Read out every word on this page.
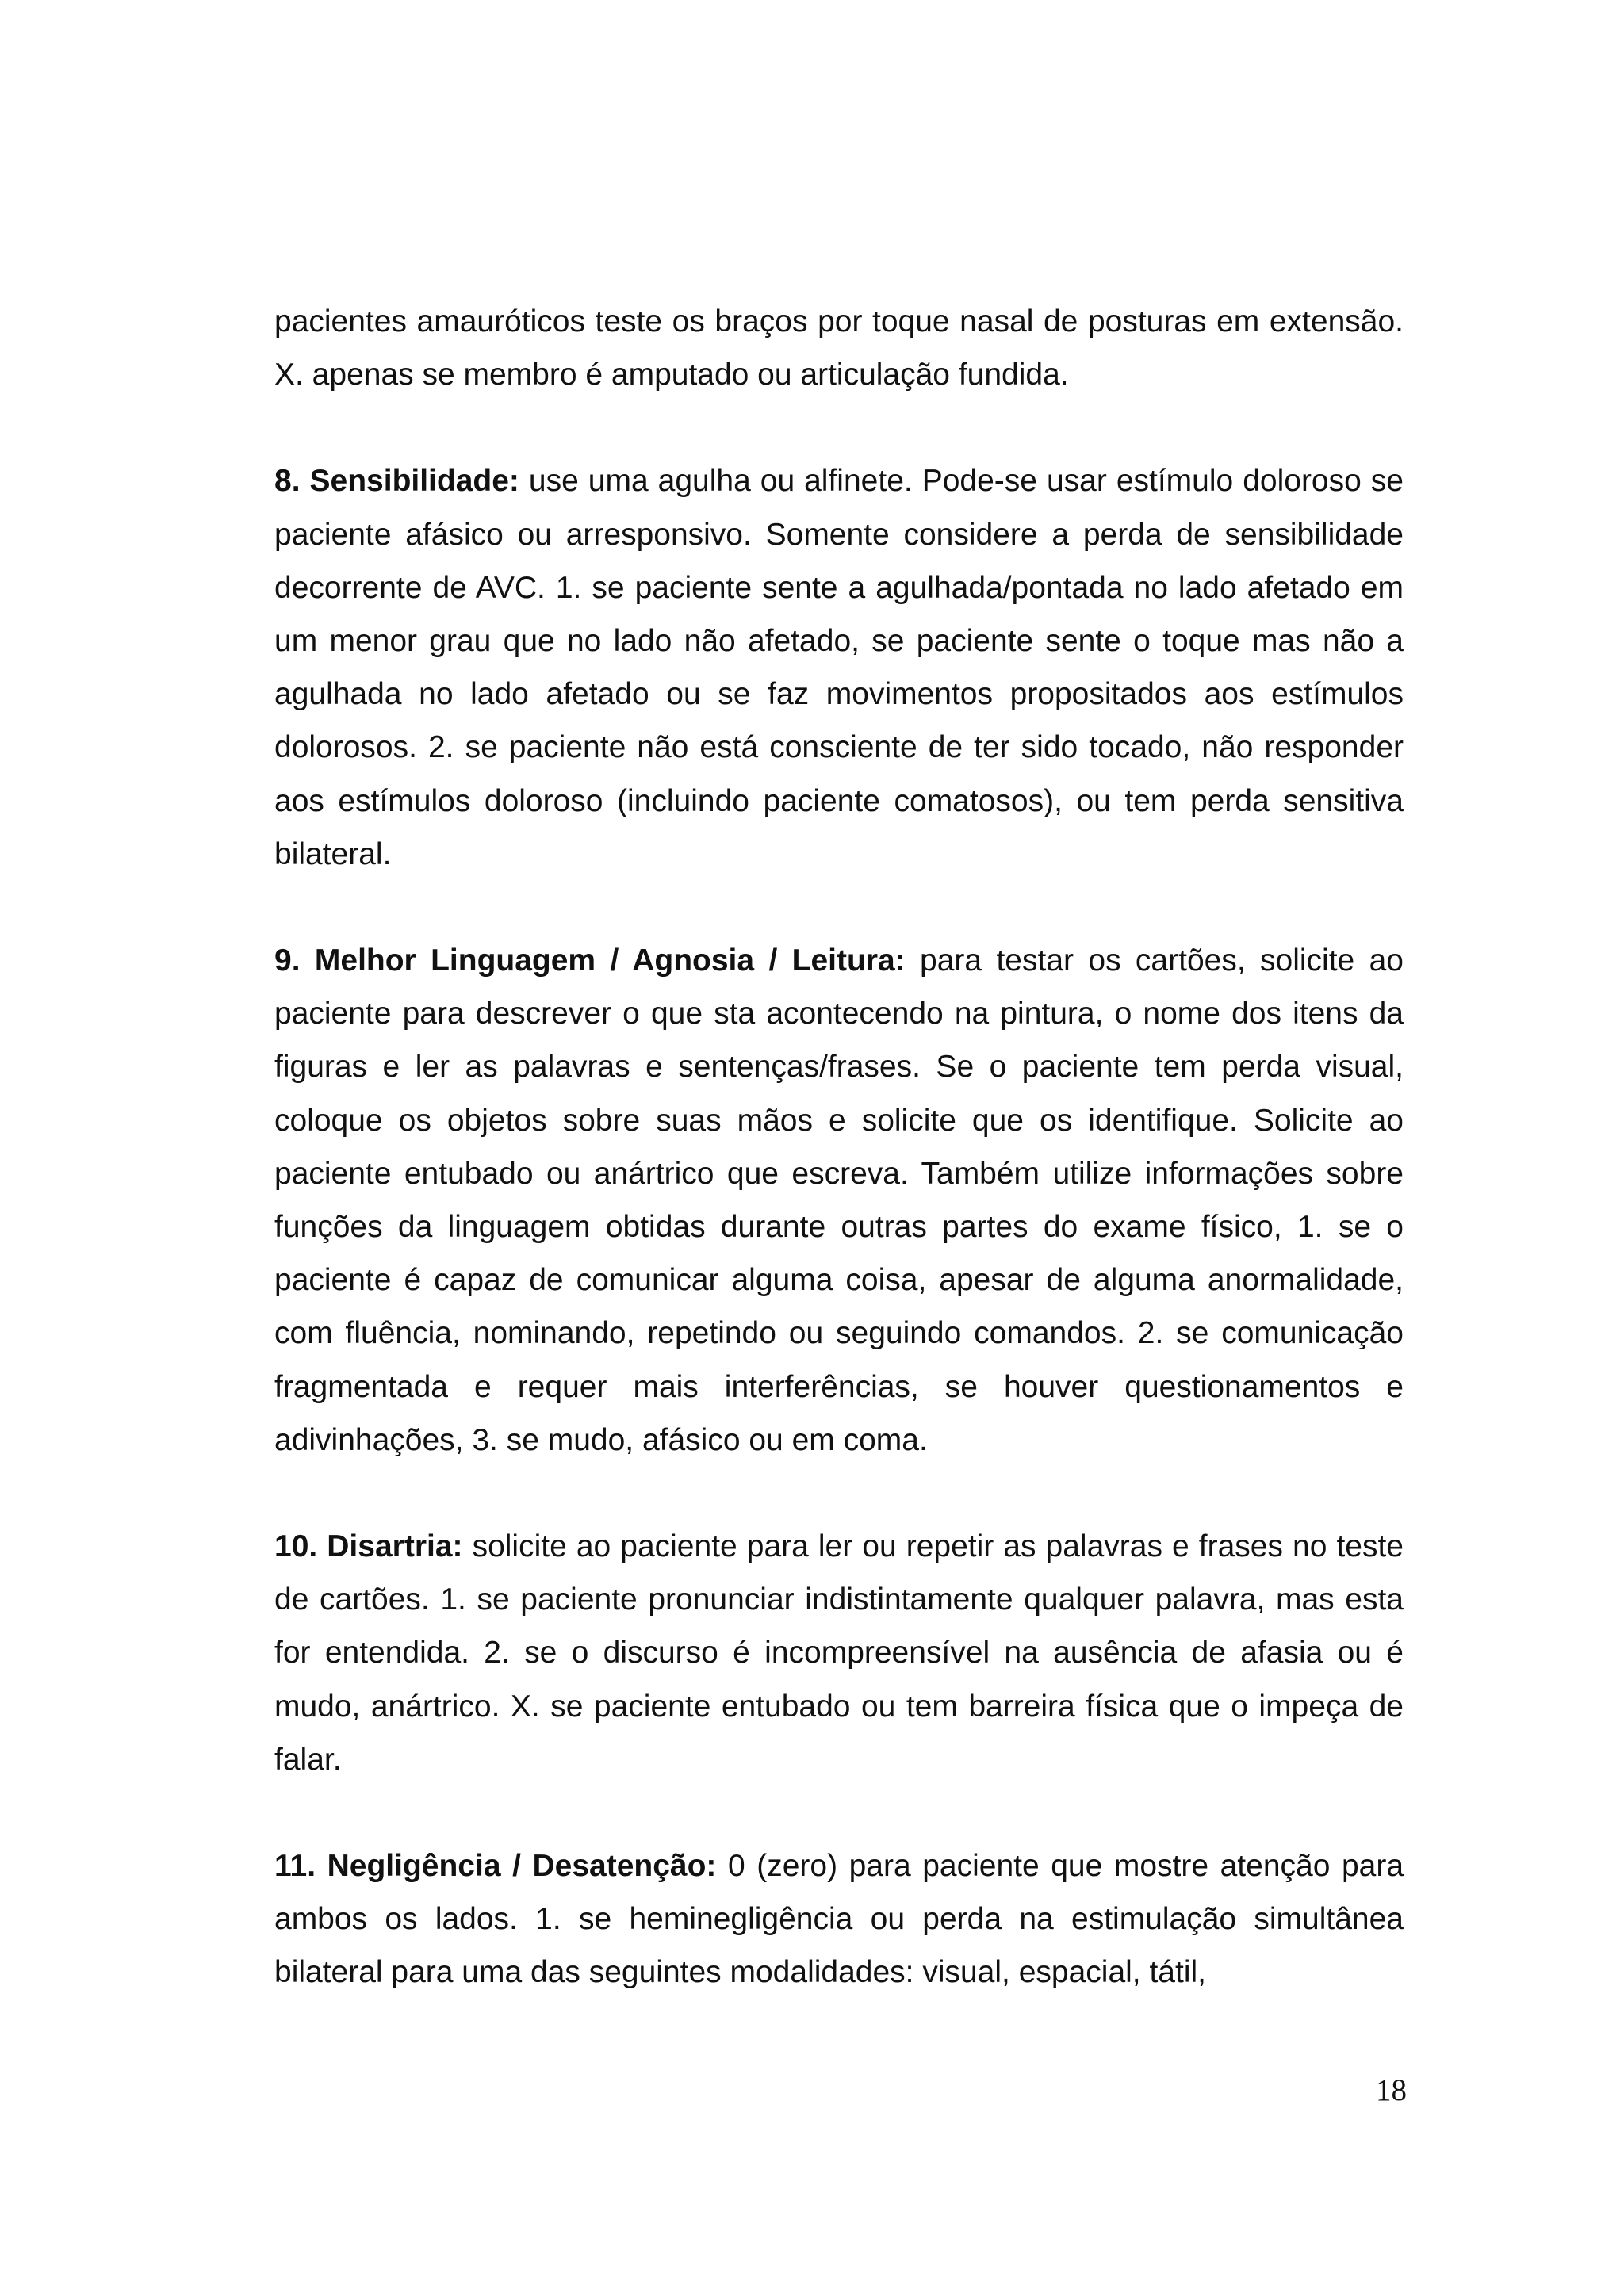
pacientes amauróticos teste os braços por toque nasal de posturas em extensão. X. apenas se membro é amputado ou articulação fundida.

8. Sensibilidade: use uma agulha ou alfinete. Pode-se usar estímulo doloroso se paciente afásico ou arresponsivo. Somente considere a perda de sensibilidade decorrente de AVC. 1. se paciente sente a agulhada/pontada no lado afetado em um menor grau que no lado não afetado, se paciente sente o toque mas não a agulhada no lado afetado ou se faz movimentos propositados aos estímulos dolorosos. 2. se paciente não está consciente de ter sido tocado, não responder aos estímulos doloroso (incluindo paciente comatosos), ou tem perda sensitiva bilateral.

9. Melhor Linguagem / Agnosia / Leitura: para testar os cartões, solicite ao paciente para descrever o que sta acontecendo na pintura, o nome dos itens da figuras e ler as palavras e sentenças/frases. Se o paciente tem perda visual, coloque os objetos sobre suas mãos e solicite que os identifique. Solicite ao paciente entubado ou anártrico que escreva. Também utilize informações sobre funções da linguagem obtidas durante outras partes do exame físico, 1. se o paciente é capaz de comunicar alguma coisa, apesar de alguma anormalidade, com fluência, nominando, repetindo ou seguindo comandos. 2. se comunicação fragmentada e requer mais interferências, se houver questionamentos e adivinhações, 3. se mudo, afásico ou em coma.

10. Disartria: solicite ao paciente para ler ou repetir as palavras e frases no teste de cartões. 1. se paciente pronunciar indistintamente qualquer palavra, mas esta for entendida. 2. se o discurso é incompreensível na ausência de afasia ou é mudo, anártrico. X. se paciente entubado ou tem barreira física que o impeça de falar.

11. Negligência / Desatenção: 0 (zero) para paciente que mostre atenção para ambos os lados. 1. se heminegligência ou perda na estimulação simultânea bilateral para uma das seguintes modalidades: visual, espacial, tátil,

18
